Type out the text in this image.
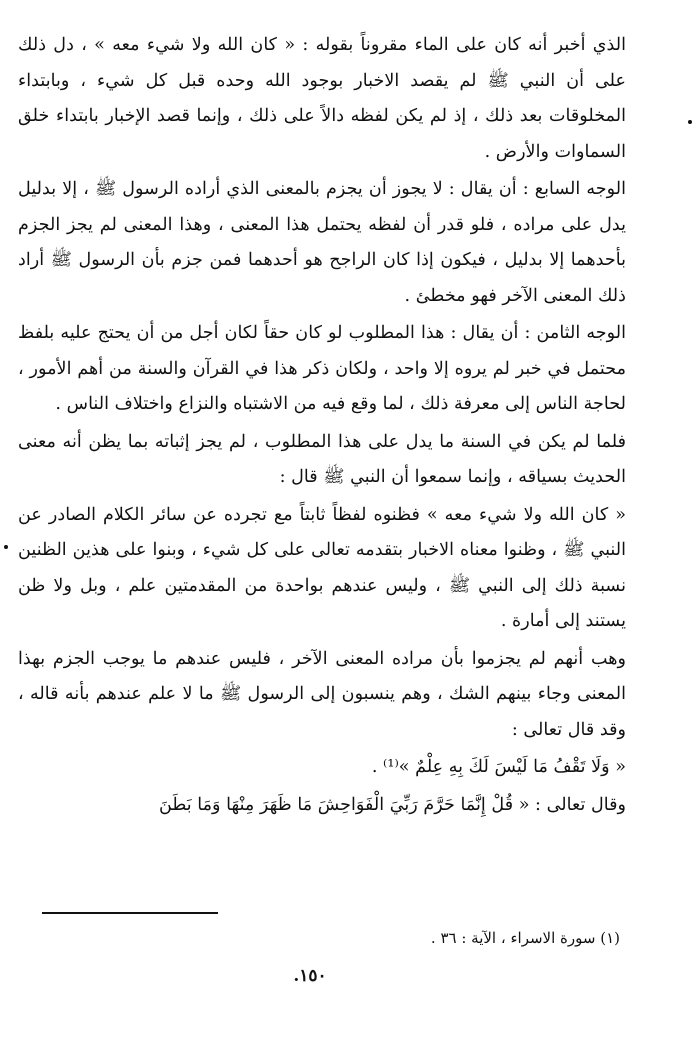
الذي أخبر أنه كان على الماء مقروناً بقوله : « كان الله ولا شيء معه » ، دل ذلك على أن النبي ﷺ لم يقصد الاخبار بوجود الله وحده قبل كل شيء ، وبابتداء المخلوقات بعد ذلك ، إذ لم يكن لفظه دالاً على ذلك ، وإنما قصد الإخبار بابتداء خلق السماوات والأرض .

الوجه السابع : أن يقال : لا يجوز أن يجزم بالمعنى الذي أراده الرسول ﷺ ، إلا بدليل يدل على مراده ، فلو قدر أن لفظه يحتمل هذا المعنى ، وهذا المعنى لم يجز الجزم بأحدهما إلا بدليل ، فيكون إذا كان الراجح هو أحدهما فمن جزم بأن الرسول ﷺ أراد ذلك المعنى الآخر فهو مخطئ .

الوجه الثامن : أن يقال : هذا المطلوب لو كان حقاً لكان أجل من أن يحتج عليه بلفظ محتمل في خبر لم يروه إلا واحد ، ولكان ذكر هذا في القرآن والسنة من أهم الأمور ، لحاجة الناس إلى معرفة ذلك ، لما وقع فيه من الاشتباه والنزاع واختلاف الناس .

فلما لم يكن في السنة ما يدل على هذا المطلوب ، لم يجز إثباته بما يظن أنه معنى الحديث بسياقه ، وإنما سمعوا أن النبي ﷺ قال :

« كان الله ولا شيء معه » فظنوه لفظاً ثابتاً مع تجرده عن سائر الكلام الصادر عن النبي ﷺ ، وظنوا معناه الاخبار بتقدمه تعالى على كل شيء ، وبنوا على هذين الظنين نسبة ذلك إلى النبي ﷺ ، وليس عندهم بواحدة من المقدمتين علم ، وبل ولا ظن يستند إلى أمارة .

وهب أنهم لم يجزموا بأن مراده المعنى الآخر ، فليس عندهم ما يوجب الجزم بهذا المعنى وجاء بينهم الشك ، وهم ينسبون إلى الرسول ﷺ ما لا علم عندهم بأنه قاله ، وقد قال تعالى :

« وَلَا تَقْفُ مَا لَيْسَ لَكَ بِهِ عِلْمٌ »⁽¹⁾ .

وقال تعالى : « قُلْ إِنَّمَا حَرَّمَ رَبِّيَ الْفَوَاحِشَ مَا ظَهَرَ مِنْهَا وَمَا بَطَنَ

(١) سورة الاسراء ، الآية : ٣٦ .
١٥٠.
